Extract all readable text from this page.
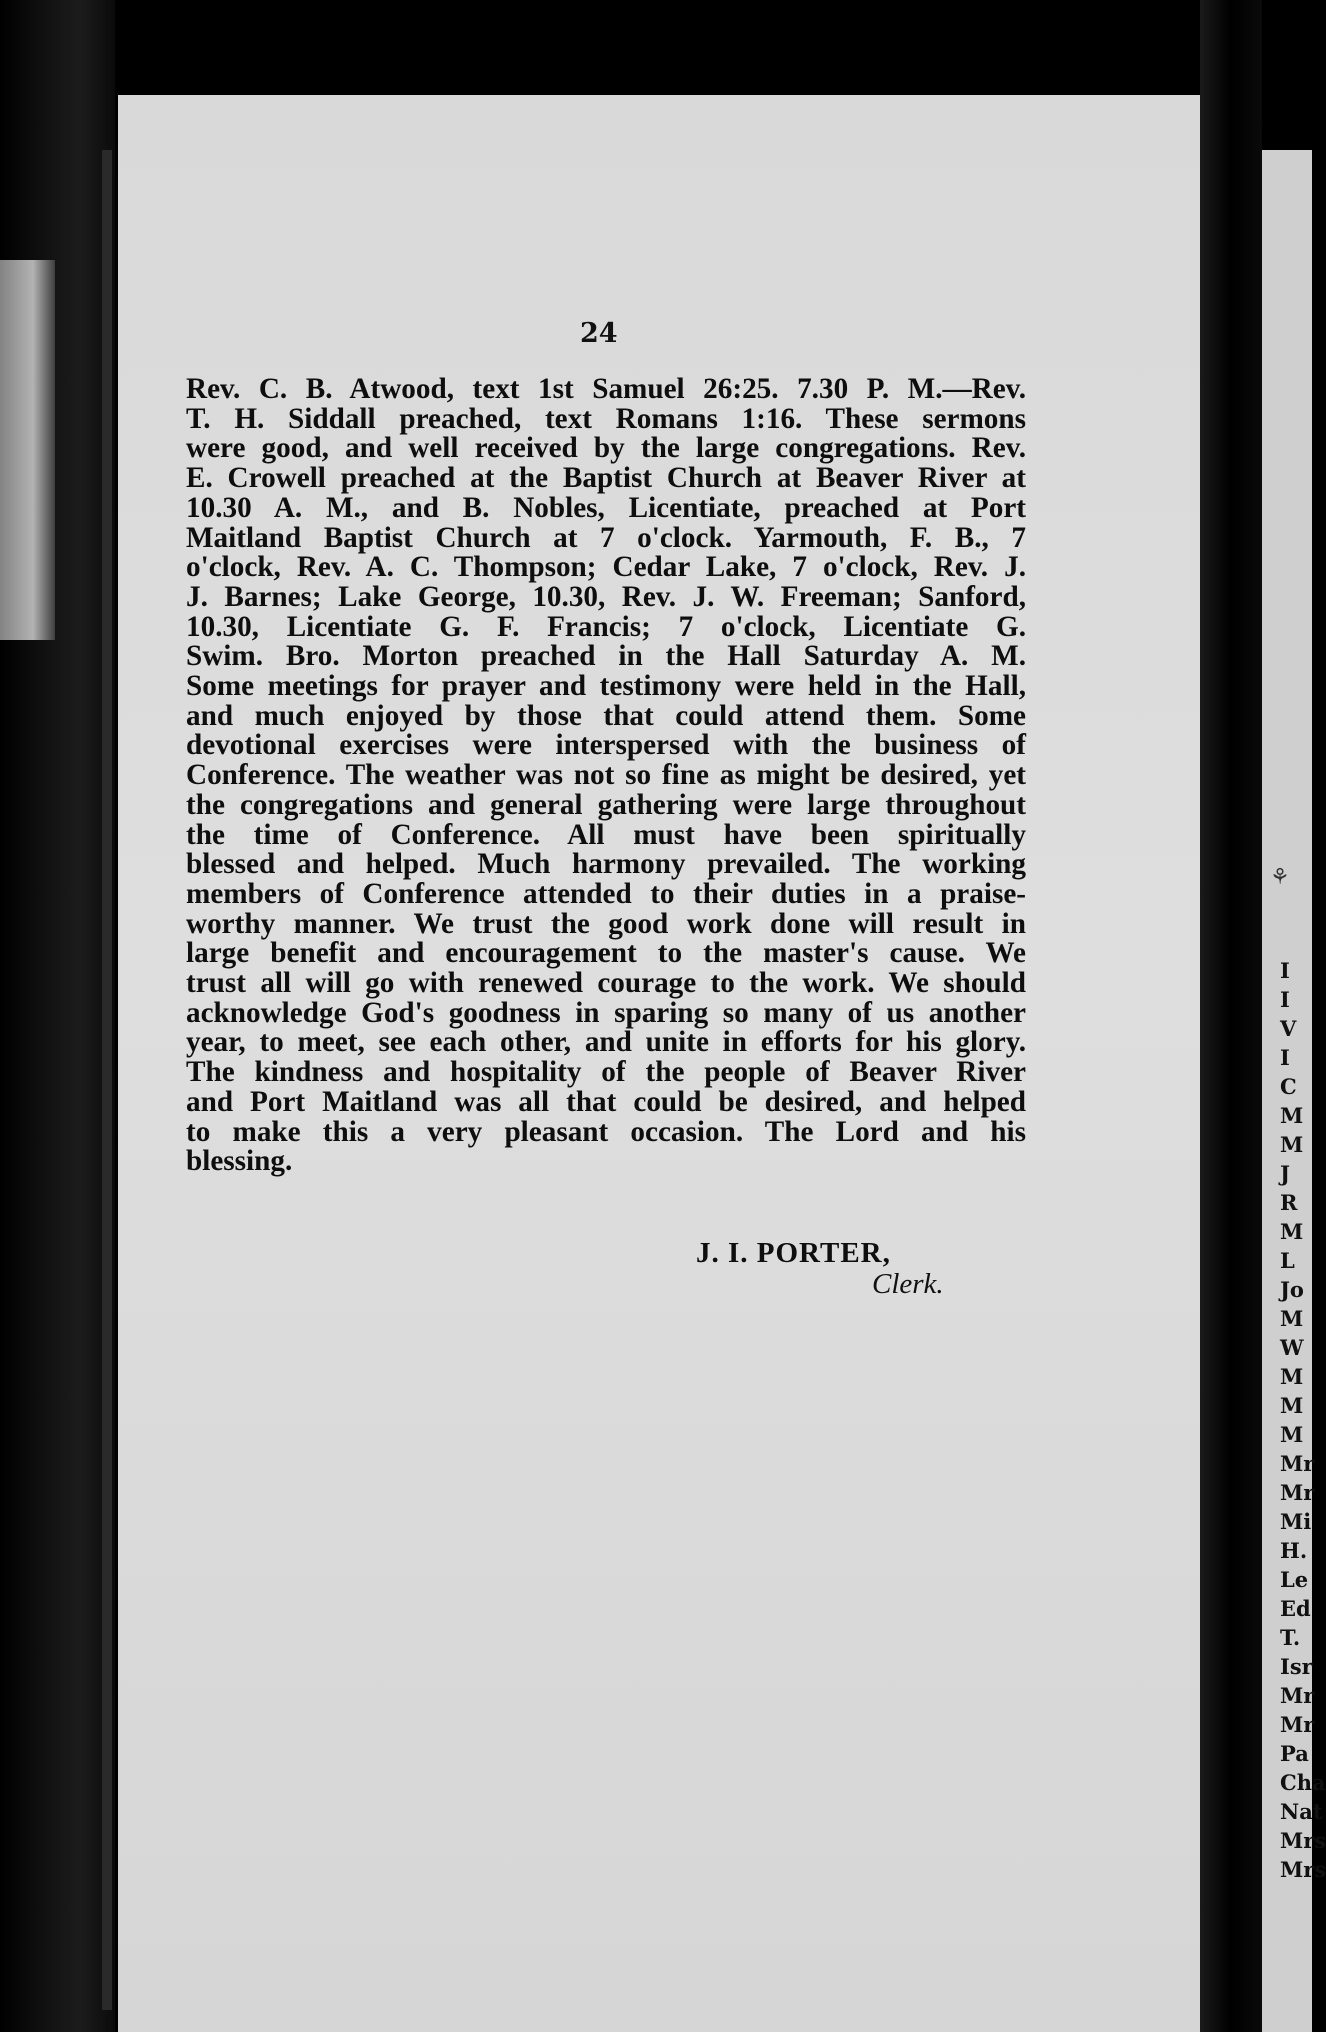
24
Rev. C. B. Atwood, text 1st Samuel 26:25. 7.30 P. M.—Rev.
T. H. Siddall preached, text Romans 1:16. These sermons
were good, and well received by the large congregations. Rev.
E. Crowell preached at the Baptist Church at Beaver River at
10.30 A. M., and B. Nobles, Licentiate, preached at Port
Maitland Baptist Church at 7 o'clock. Yarmouth, F. B., 7
o'clock, Rev. A. C. Thompson; Cedar Lake, 7 o'clock, Rev. J.
J. Barnes; Lake George, 10.30, Rev. J. W. Freeman; Sanford,
10.30, Licentiate G. F. Francis; 7 o'clock, Licentiate G.
Swim. Bro. Morton preached in the Hall Saturday A. M.
Some meetings for prayer and testimony were held in the Hall,
and much enjoyed by those that could attend them. Some
devotional exercises were interspersed with the business of
Conference. The weather was not so fine as might be desired, yet
the congregations and general gathering were large throughout
the time of Conference. All must have been spiritually
blessed and helped. Much harmony prevailed. The working
members of Conference attended to their duties in a praise-
worthy manner. We trust the good work done will result in
large benefit and encouragement to the master's cause. We
trust all will go with renewed courage to the work. We should
acknowledge God's goodness in sparing so many of us another
year, to meet, see each other, and unite in efforts for his glory.
The kindness and hospitality of the people of Beaver River
and Port Maitland was all that could be desired, and helped
to make this a very pleasant occasion. The Lord and his
blessing.
J. I. PORTER,
Clerk.
⚘
I
I
V
I
C
M
M
J
R
M
L
Jo
M
W
M
M
M
Mr
Mr
Mi
H.
Le
Ed
T.
Isr
Mr
Mr
Pa
Cha
Nat
Mrs
Mrs
